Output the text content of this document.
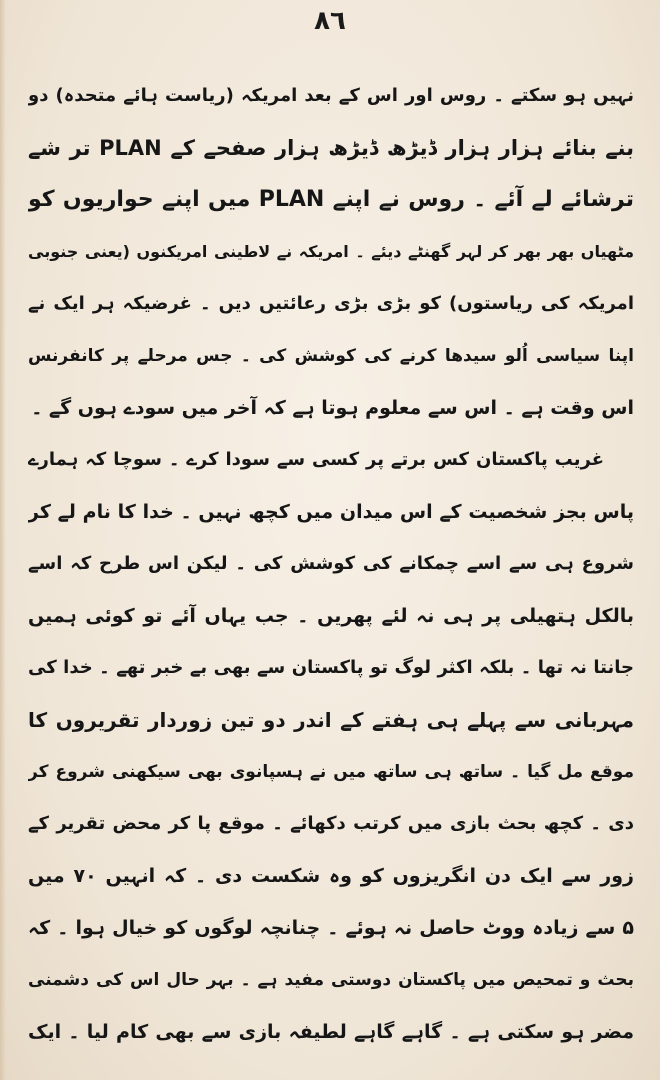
٨٦
نہیں ہو سکتے ۔ روس اور اس کے بعد امریکہ (ریاست ہائے متحدہ) دو
بنے بنائے ہزار ہزار ڈیڑھ ڈیڑھ ہزار صفحے کے PLAN تر شے
ترشائے لے آئے ۔ روس نے اپنے PLAN میں اپنے حواریوں کو
مٹھیاں بھر بھر کر لہر گھنٹے دیئے ۔ امریکہ نے لاطینی امریکنوں (یعنی جنوبی
امریکہ کی ریاستوں) کو بڑی بڑی رعائتیں دیں ۔ غرضیکہ ہر ایک نے
اپنا سیاسی اُلو سیدھا کرنے کی کوشش کی ۔ جس مرحلے پر کانفرنس
اس وقت ہے ۔ اس سے معلوم ہوتا ہے کہ آخر میں سودے ہوں گے ۔
غریب پاکستان کس برتے پر کسی سے سودا کرے ۔ سوچا کہ ہمارے
پاس بجز شخصیت کے اس میدان میں کچھ نہیں ۔ خدا کا نام لے کر
شروع ہی سے اسے چمکانے کی کوشش کی ۔ لیکن اس طرح کہ اسے
بالکل ہتھیلی پر ہی نہ لئے پھریں ۔ جب یہاں آئے تو کوئی ہمیں
جانتا نہ تھا ۔ بلکہ اکثر لوگ تو پاکستان سے بھی بے خبر تھے ۔ خدا کی
مہربانی سے پہلے ہی ہفتے کے اندر دو تین زوردار تقریروں کا
موقع مل گیا ۔ ساتھ ہی ساتھ میں نے ہسپانوی بھی سیکھنی شروع کر
دی ۔ کچھ بحث بازی میں کرتب دکھائے ۔ موقع پا کر محض تقریر کے
زور سے ایک دن انگریزوں کو وہ شکست دی ۔ کہ انہیں ۷۰ میں
۵ سے زیادہ ووٹ حاصل نہ ہوئے ۔ چنانچہ لوگوں کو خیال ہوا ۔ کہ
بحث و تمحیص میں پاکستان دوستی مفید ہے ۔ بہر حال اس کی دشمنی
مضر ہو سکتی ہے ۔ گاہے گاہے لطیفہ بازی سے بھی کام لیا ۔ ایک
